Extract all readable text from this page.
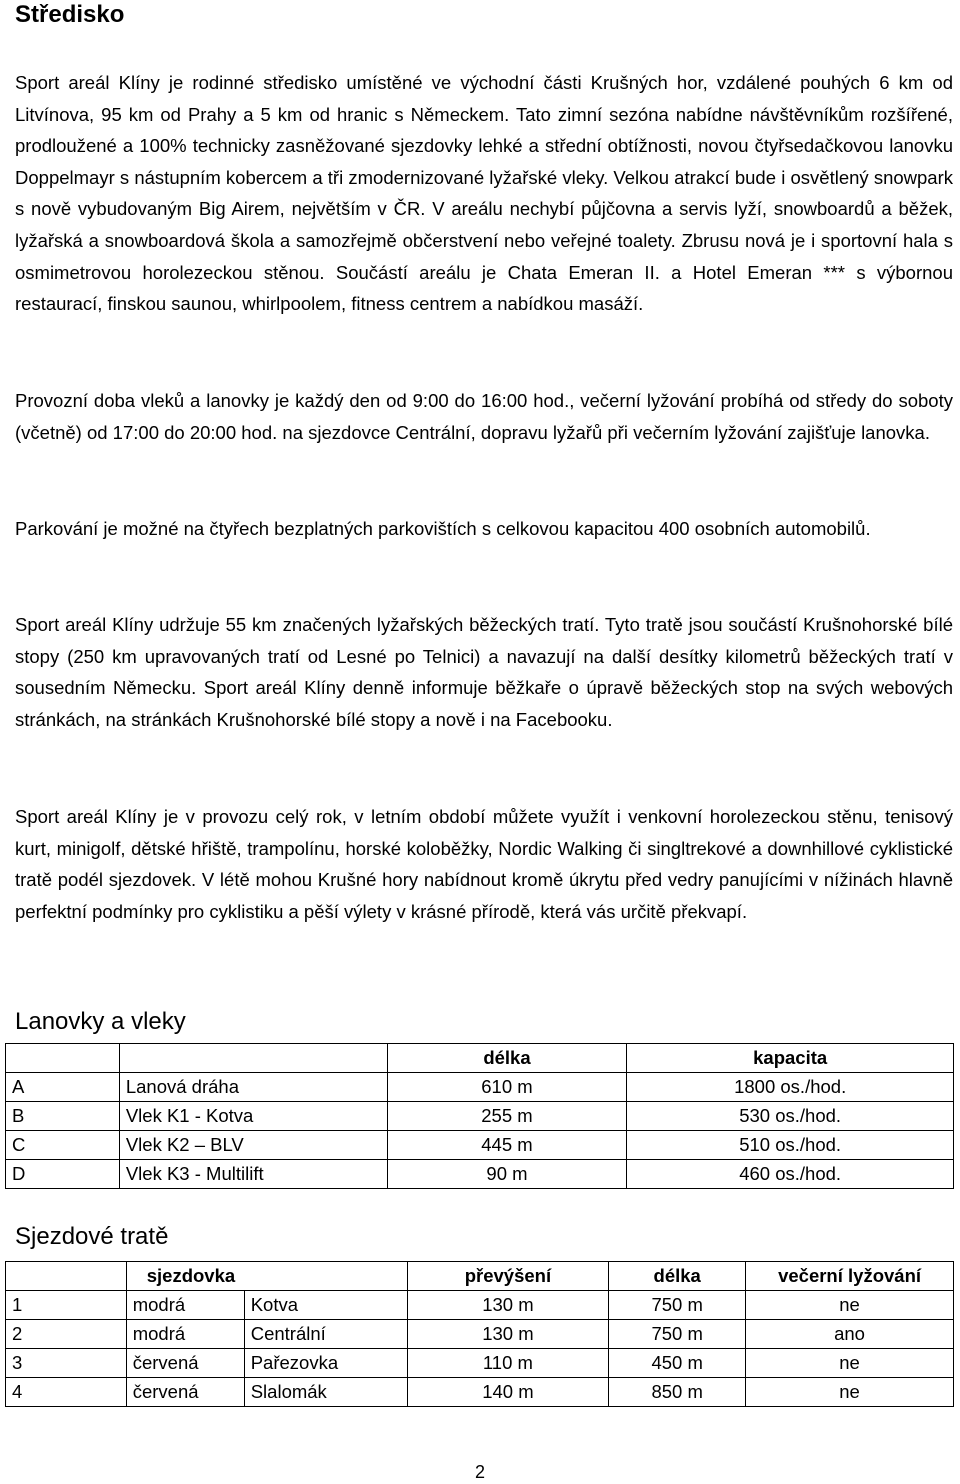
Středisko

Sport areál Klíny je rodinné středisko umístěné ve východní části Krušných hor, vzdálené pouhých 6 km od Litvínova, 95 km od Prahy a 5 km od hranic s Německem. Tato zimní sezóna nabídne návštěvníkům rozšířené, prodloužené a 100% technicky zasněžované sjezdovky lehké a střední obtížnosti, novou čtyřsedačkovou lanovku Doppelmayr s nástupním kobercem a tři zmodernizované lyžařské vleky. Velkou atrakcí bude i osvětlený snowpark s nově vybudovaným Big Airem, největším v ČR. V areálu nechybí půjčovna a servis lyží, snowboardů a běžek, lyžařská a snowboardová škola a samozřejmě občerstvení nebo veřejné toalety. Zbrusu nová je i sportovní hala s osmimetrovou horolezeckou stěnou. Součástí areálu je Chata Emeran II. a Hotel Emeran *** s výbornou restaurací, finskou saunou, whirlpoolem, fitness centrem a nabídkou masáží.

Provozní doba vleků a lanovky je každý den od 9:00 do 16:00 hod., večerní lyžování probíhá od středy do soboty (včetně) od 17:00 do 20:00 hod. na sjezdovce Centrální, dopravu lyžařů při večerním lyžování zajišťuje lanovka.

Parkování je možné na čtyřech bezplatných parkovištích s celkovou kapacitou 400 osobních automobilů.

Sport areál Klíny udržuje 55 km značených lyžařských běžeckých tratí. Tyto tratě jsou součástí Krušnohorské bílé stopy (250 km upravovaných tratí od Lesné po Telnici) a navazují na další desítky kilometrů běžeckých tratí v sousedním Německu. Sport areál Klíny denně informuje běžkaře o úpravě běžeckých stop na svých webových stránkách, na stránkách Krušnohorské bílé stopy a nově i na Facebooku.

Sport areál Klíny je v provozu celý rok, v letním období můžete využít i venkovní horolezeckou stěnu, tenisový kurt, minigolf, dětské hřiště, trampolínu, horské koloběžky, Nordic Walking či singltrekové a downhillové cyklistické tratě podél sjezdovek. V létě mohou Krušné hory nabídnout kromě úkrytu před vedry panujícími v nížinách hlavně perfektní podmínky pro cyklistiku a pěší výlety v krásné přírodě, která vás určitě překvapí.

Lanovky a vleky
		délka	kapacita
A	Lanová dráha	610 m	1800 os./hod.
B	Vlek K1 - Kotva	255 m	530 os./hod.
C	Vlek K2 – BLV	445 m	510 os./hod.
D	Vlek K3 - Multilift	90 m	460 os./hod.
Sjezdové tratě
	sjezdovka		převýšení	délka	večerní lyžování
1	modrá	Kotva	130 m	750 m	ne
2	modrá	Centrální	130 m	750 m	ano
3	červená	Pařezovka	110 m	450 m	ne
4	červená	Slalomák	140 m	850 m	ne
2
